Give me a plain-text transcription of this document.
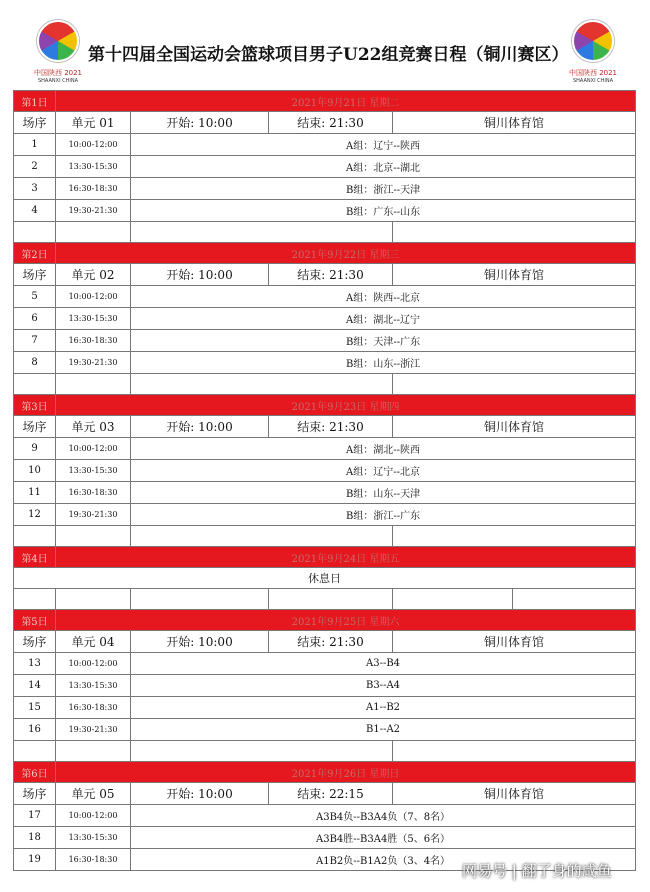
中国陕西 2021
SHAANXI CHINA
第十四届全国运动会篮球项目男子U22组竞赛日程（铜川赛区）
中国陕西 2021
SHAANXI CHINA
第1日	2021年9月21日 星期二				
场序	单元 01	开始: 10:00	结束: 21:30	铜川体育馆	
1	10:00-12:00	A组：辽宁--陕西			
2	13:30-15:30	A组：北京--湖北			
3	16:30-18:30	B组：浙江--天津			
4	19:30-21:30	B组：广东--山东			

第2日	2021年9月22日 星期三				
场序	单元 02	开始: 10:00	结束: 21:30	铜川体育馆	
5	10:00-12:00	A组：陕西--北京			
6	13:30-15:30	A组：湖北--辽宁			
7	16:30-18:30	B组：天津--广东			
8	19:30-21:30	B组：山东--浙江			

第3日	2021年9月23日 星期四				
场序	单元 03	开始: 10:00	结束: 21:30	铜川体育馆	
9	10:00-12:00	A组：湖北--陕西			
10	13:30-15:30	A组：辽宁--北京			
11	16:30-18:30	B组：山东--天津			
12	19:30-21:30	B组：浙江--广东			

第4日	2021年9月24日 星期五				
休息日					

第5日	2021年9月25日 星期六				
场序	单元 04	开始: 10:00	结束: 21:30	铜川体育馆	
13	10:00-12:00	A3--B4			
14	13:30-15:30	B3--A4			
15	16:30-18:30	A1--B2			
16	19:30-21:30	B1--A2			

第6日	2021年9月26日 星期日				
场序	单元 05	开始: 10:00	结束: 22:15	铜川体育馆	
17	10:00-12:00	A3B4负--B3A4负（7、8名）			
18	13:30-15:30	A3B4胜--B3A4胜（5、6名）			
19	16:30-18:30	A1B2负--B1A2负（3、4名）			
网易号 | 翻了身的咸鱼
